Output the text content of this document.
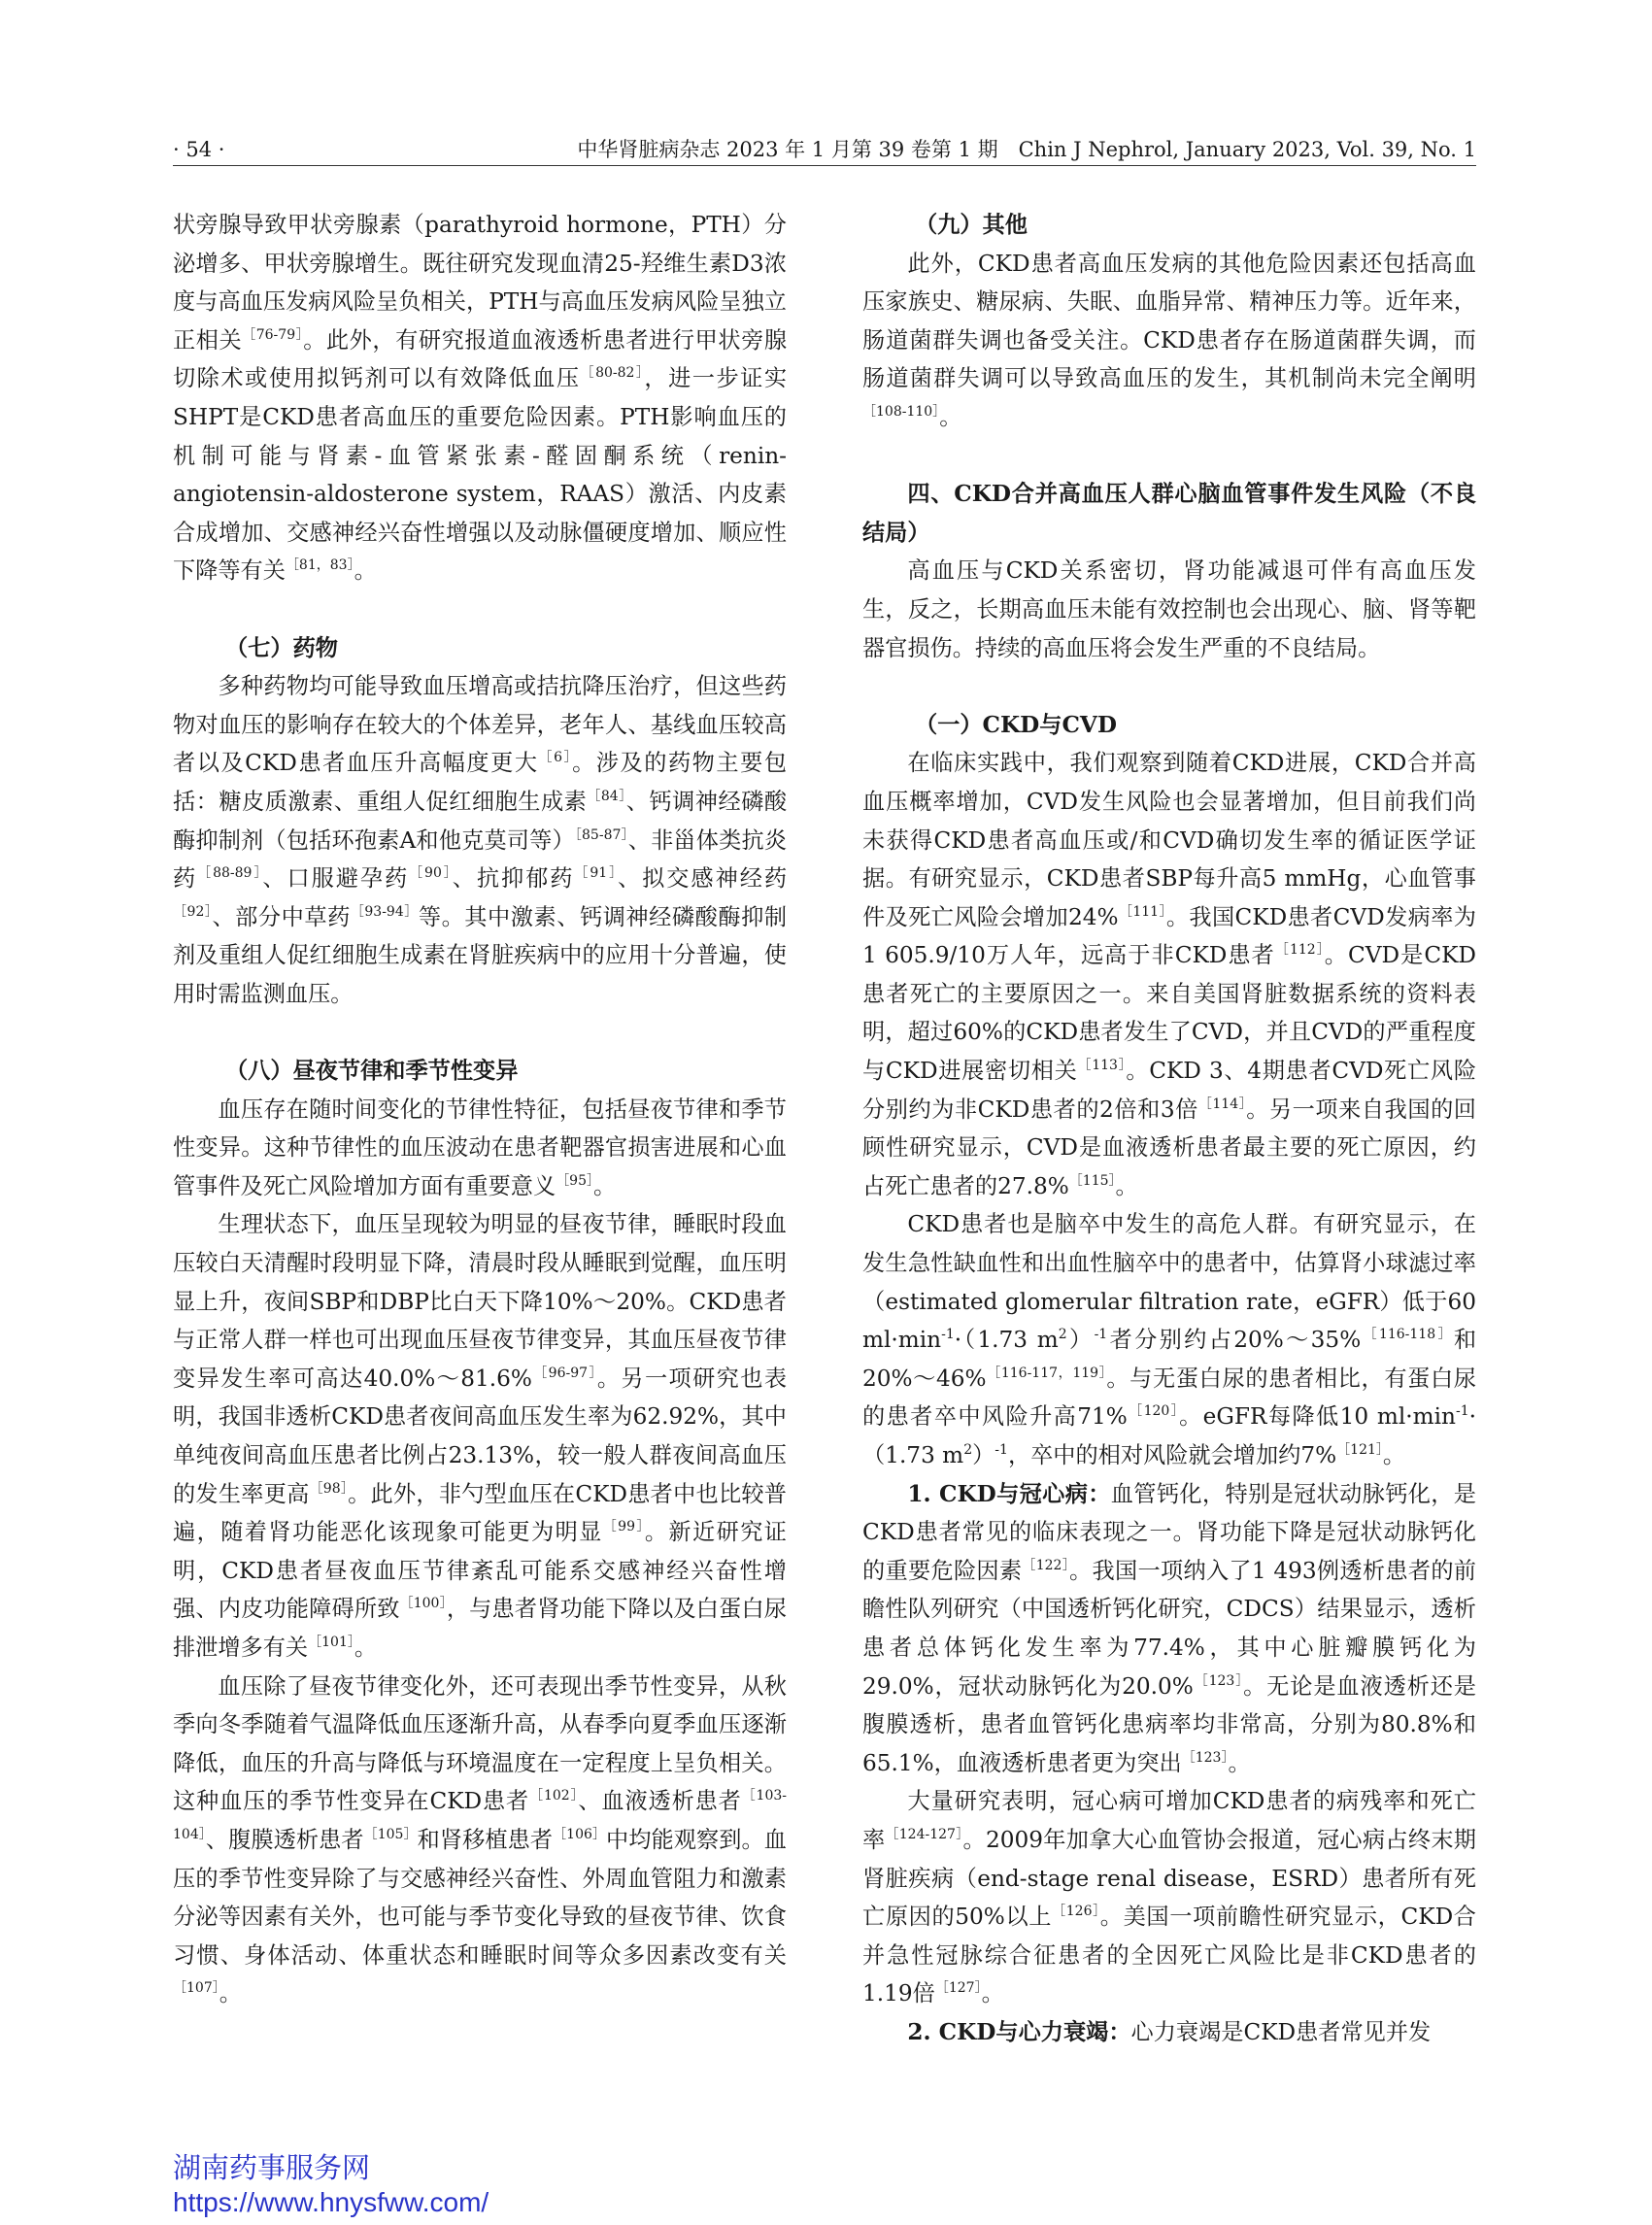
· 54 ·	中华肾脏病杂志 2023 年 1 月第 39 卷第 1 期　Chin J Nephrol, January 2023, Vol. 39, No. 1

状旁腺导致甲状旁腺素（parathyroid hormone，PTH）分泌增多、甲状旁腺增生。既往研究发现血清25-羟维生素D3浓度与高血压发病风险呈负相关，PTH与高血压发病风险呈独立正相关$^{[76-79]}$。此外，有研究报道血液透析患者进行甲状旁腺切除术或使用拟钙剂可以有效降低血压$^{[80-82]}$，进一步证实SHPT是CKD患者高血压的重要危险因素。PTH影响血压的机制可能与肾素-血管紧张素-醛固酮系统（renin-angiotensin-aldosterone system，RAAS）激活、内皮素合成增加、交感神经兴奋性增强以及动脉僵硬度增加、顺应性下降等有关$^{[81,83]}$。

（七）药物

多种药物均可能导致血压增高或拮抗降压治疗，但这些药物对血压的影响存在较大的个体差异，老年人、基线血压较高者以及CKD患者血压升高幅度更大$^{[6]}$。涉及的药物主要包括：糖皮质激素、重组人促红细胞生成素$^{[84]}$、钙调神经磷酸酶抑制剂（包括环孢素A和他克莫司等）$^{[85-87]}$、非甾体类抗炎药$^{[88-89]}$、口服避孕药$^{[90]}$、抗抑郁药$^{[91]}$、拟交感神经药$^{[92]}$、部分中草药$^{[93-94]}$等。其中激素、钙调神经磷酸酶抑制剂及重组人促红细胞生成素在肾脏疾病中的应用十分普遍，使用时需监测血压。

（八）昼夜节律和季节性变异

血压存在随时间变化的节律性特征，包括昼夜节律和季节性变异。这种节律性的血压波动在患者靶器官损害进展和心血管事件及死亡风险增加方面有重要意义$^{[95]}$。

生理状态下，血压呈现较为明显的昼夜节律，睡眠时段血压较白天清醒时段明显下降，清晨时段从睡眠到觉醒，血压明显上升，夜间SBP和DBP比白天下降10%～20%。CKD患者与正常人群一样也可出现血压昼夜节律变异，其血压昼夜节律变异发生率可高达40.0%～81.6%$^{[96-97]}$。另一项研究也表明，我国非透析CKD患者夜间高血压发生率为62.92%，其中单纯夜间高血压患者比例占23.13%，较一般人群夜间高血压的发生率更高$^{[98]}$。此外，非勺型血压在CKD患者中也比较普遍，随着肾功能恶化该现象可能更为明显$^{[99]}$。新近研究证明，CKD患者昼夜血压节律紊乱可能系交感神经兴奋性增强、内皮功能障碍所致$^{[100]}$，与患者肾功能下降以及白蛋白尿排泄增多有关$^{[101]}$。

血压除了昼夜节律变化外，还可表现出季节性变异，从秋季向冬季随着气温降低血压逐渐升高，从春季向夏季血压逐渐降低，血压的升高与降低与环境温度在一定程度上呈负相关。这种血压的季节性变异在CKD患者$^{[102]}$、血液透析患者$^{[103-104]}$、腹膜透析患者$^{[105]}$和肾移植患者$^{[106]}$中均能观察到。血压的季节性变异除了与交感神经兴奋性、外周血管阻力和激素分泌等因素有关外，也可能与季节变化导致的昼夜节律、饮食习惯、身体活动、体重状态和睡眠时间等众多因素改变有关$^{[107]}$。

（九）其他

此外，CKD患者高血压发病的其他危险因素还包括高血压家族史、糖尿病、失眠、血脂异常、精神压力等。近年来，肠道菌群失调也备受关注。CKD患者存在肠道菌群失调，而肠道菌群失调可以导致高血压的发生，其机制尚未完全阐明$^{[108-110]}$。

四、CKD合并高血压人群心脑血管事件发生风险（不良结局）

高血压与CKD关系密切，肾功能减退可伴有高血压发生，反之，长期高血压未能有效控制也会出现心、脑、肾等靶器官损伤。持续的高血压将会发生严重的不良结局。

（一）CKD与CVD

在临床实践中，我们观察到随着CKD进展，CKD合并高血压概率增加，CVD发生风险也会显著增加，但目前我们尚未获得CKD患者高血压或/和CVD确切发生率的循证医学证据。有研究显示，CKD患者SBP每升高5 mmHg，心血管事件及死亡风险会增加24%$^{[111]}$。我国CKD患者CVD发病率为1 605.9/10万人年，远高于非CKD患者$^{[112]}$。CVD是CKD患者死亡的主要原因之一。来自美国肾脏数据系统的资料表明，超过60%的CKD患者发生了CVD，并且CVD的严重程度与CKD进展密切相关$^{[113]}$。CKD 3、4期患者CVD死亡风险分别约为非CKD患者的2倍和3倍$^{[114]}$。另一项来自我国的回顾性研究显示，CVD是血液透析患者最主要的死亡原因，约占死亡患者的27.8%$^{[115]}$。

CKD患者也是脑卒中发生的高危人群。有研究显示，在发生急性缺血性和出血性脑卒中的患者中，估算肾小球滤过率（estimated glomerular filtration rate，eGFR）低于60 $ml\cdot\min^{-1}\cdot(1.73$ $m^2)^{-1}$者分别约占20%～35%$^{[116-118]}$和20%～46%$^{[116-117,119]}$。与无蛋白尿的患者相比，有蛋白尿的患者卒中风险升高71%$^{[120]}$。eGFR每降低10 $ml\cdot\min^{-1}\cdot(1.73$ $m^2)^{-1}$，卒中的相对风险就会增加约7%$^{[121]}$。

1. CKD与冠心病：血管钙化，特别是冠状动脉钙化，是CKD患者常见的临床表现之一。肾功能下降是冠状动脉钙化的重要危险因素$^{[122]}$。我国一项纳入了1 493例透析患者的前瞻性队列研究（中国透析钙化研究，CDCS）结果显示，透析患者总体钙化发生率为77.4%，其中心脏瓣膜钙化为29.0%，冠状动脉钙化为20.0%$^{[123]}$。无论是血液透析还是腹膜透析，患者血管钙化患病率均非常高，分别为80.8%和65.1%，血液透析患者更为突出$^{[123]}$。

大量研究表明，冠心病可增加CKD患者的病残率和死亡率$^{[124-127]}$。2009年加拿大心血管协会报道，冠心病占终末期肾脏疾病（end-stage renal disease，ESRD）患者所有死亡原因的50%以上$^{[126]}$。美国一项前瞻性研究显示，CKD合并急性冠脉综合征患者的全因死亡风险比是非CKD患者的1.19倍$^{[127]}$。

2. CKD与心力衰竭：心力衰竭是CKD患者常见并发

湖南药事服务网
https://www.hnysfww.com/
